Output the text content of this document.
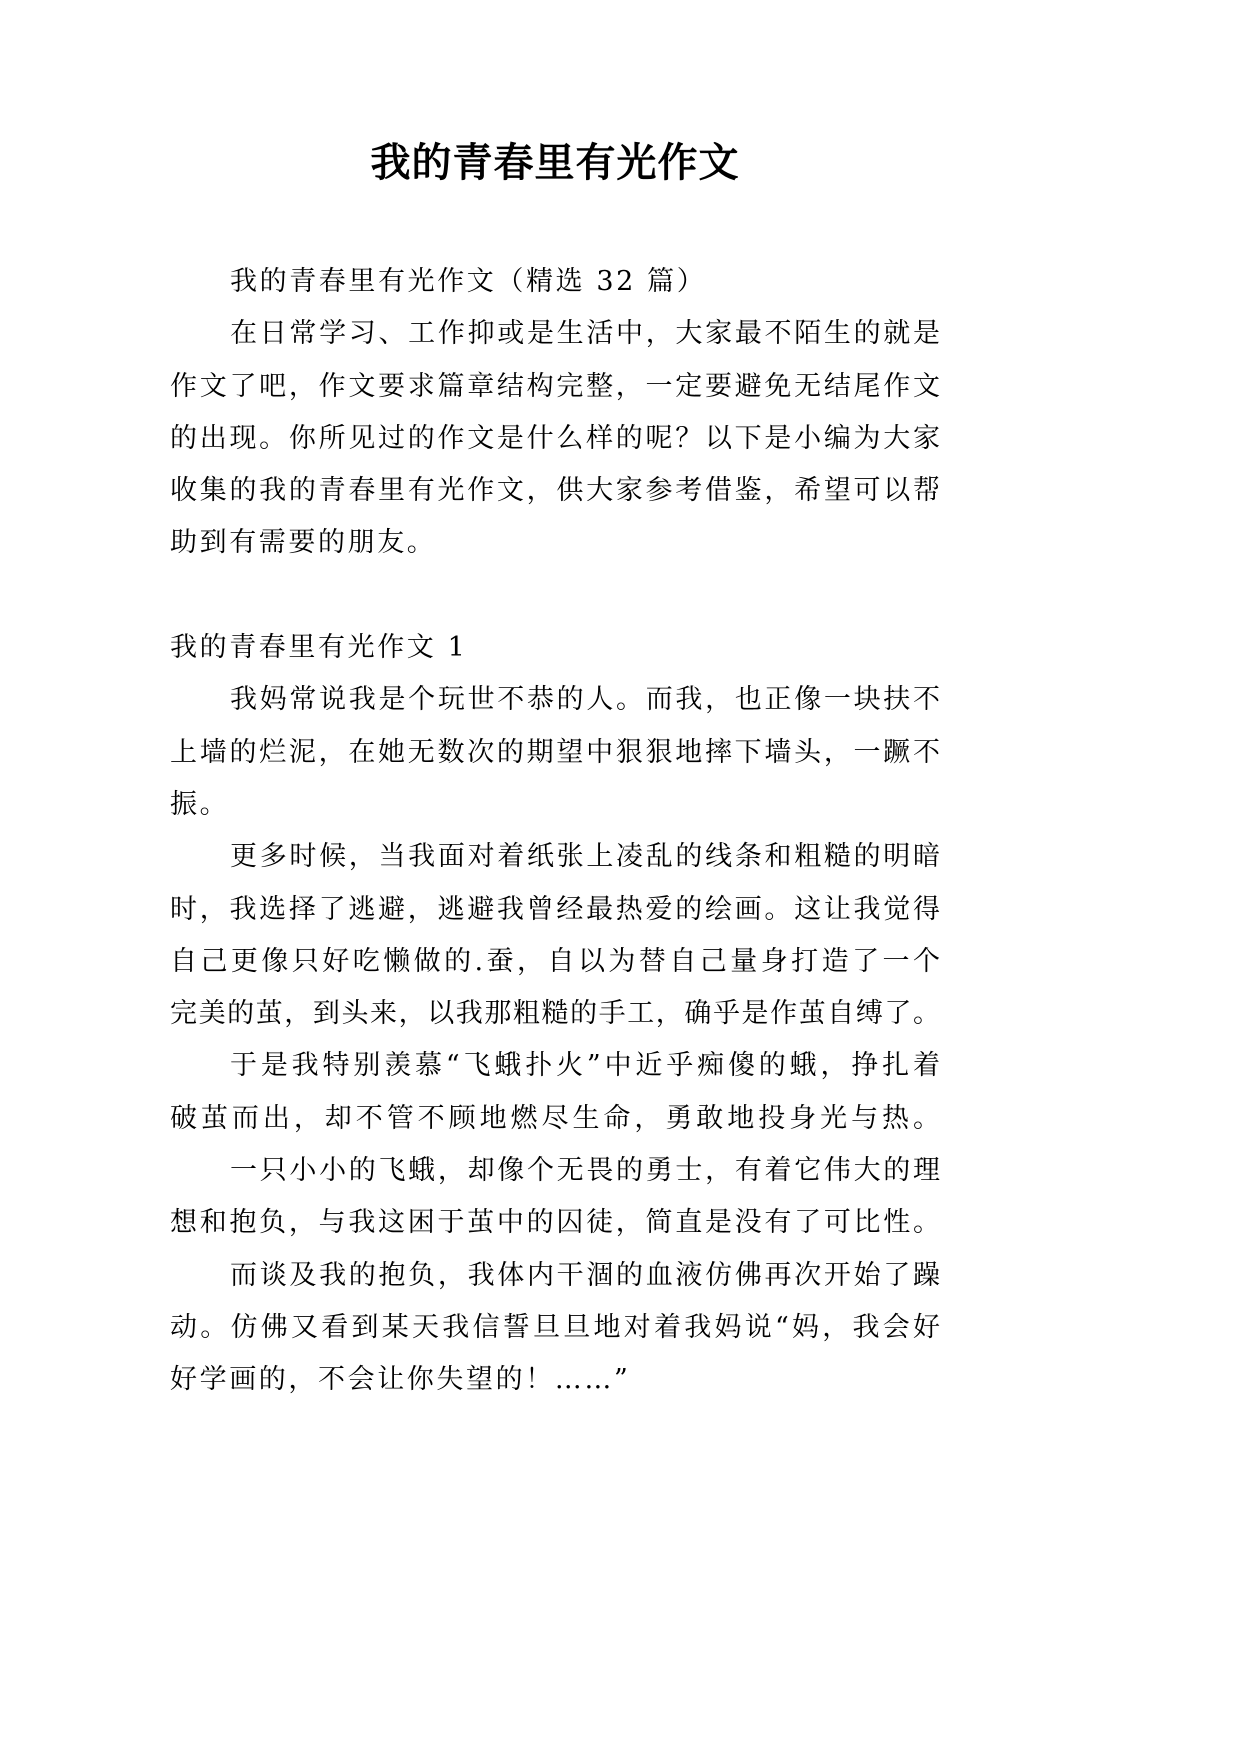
我的青春里有光作文

我的青春里有光作文（精选 32 篇）

在日常学习、工作抑或是生活中，大家最不陌生的就是
作文了吧，作文要求篇章结构完整，一定要避免无结尾作文
的出现。你所见过的作文是什么样的呢？以下是小编为大家
收集的我的青春里有光作文，供大家参考借鉴，希望可以帮
助到有需要的朋友。

我的青春里有光作文 1

我妈常说我是个玩世不恭的人。而我，也正像一块扶不
上墙的烂泥，在她无数次的期望中狠狠地摔下墙头，一蹶不
振。
更多时候，当我面对着纸张上凌乱的线条和粗糙的明暗
时，我选择了逃避，逃避我曾经最热爱的绘画。这让我觉得
自己更像只好吃懒做的.蚕，自以为替自己量身打造了一个
完美的茧，到头来，以我那粗糙的手工，确乎是作茧自缚了。
于是我特别羡慕“飞蛾扑火”中近乎痴傻的蛾，挣扎着
破茧而出，却不管不顾地燃尽生命，勇敢地投身光与热。
一只小小的飞蛾，却像个无畏的勇士，有着它伟大的理
想和抱负，与我这困于茧中的囚徒，简直是没有了可比性。
而谈及我的抱负，我体内干涸的血液仿佛再次开始了躁
动。仿佛又看到某天我信誓旦旦地对着我妈说“妈，我会好
好学画的，不会让你失望的！……”
